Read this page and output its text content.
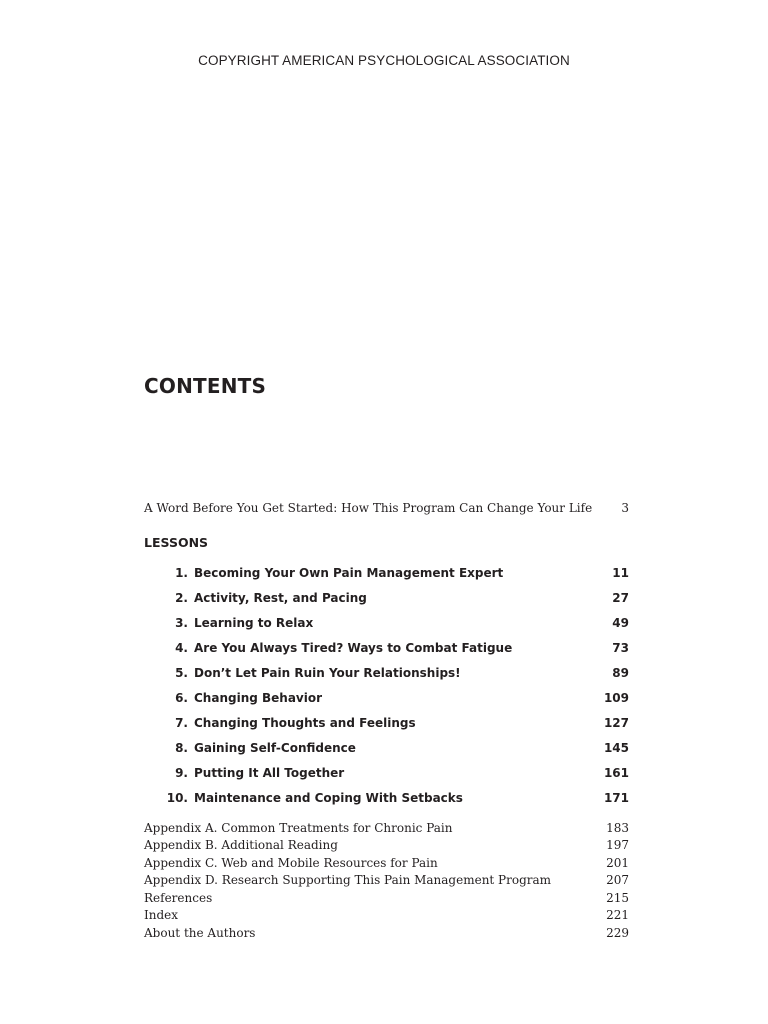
COPYRIGHT AMERICAN PSYCHOLOGICAL ASSOCIATION
CONTENTS
A Word Before You Get Started: How This Program Can Change Your Life 3
LESSONS
1. Becoming Your Own Pain Management Expert	11
2. Activity, Rest, and Pacing	27
3. Learning to Relax	49
4. Are You Always Tired? Ways to Combat Fatigue	73
5. Don’t Let Pain Ruin Your Relationships!	89
6. Changing Behavior	109
7. Changing Thoughts and Feelings	127
8. Gaining Self-Confidence	145
9. Putting It All Together	161
10. Maintenance and Coping With Setbacks	171
Appendix A. Common Treatments for Chronic Pain	183
Appendix B. Additional Reading	197
Appendix C. Web and Mobile Resources for Pain	201
Appendix D. Research Supporting This Pain Management Program	207
References	215
Index	221
About the Authors	229
